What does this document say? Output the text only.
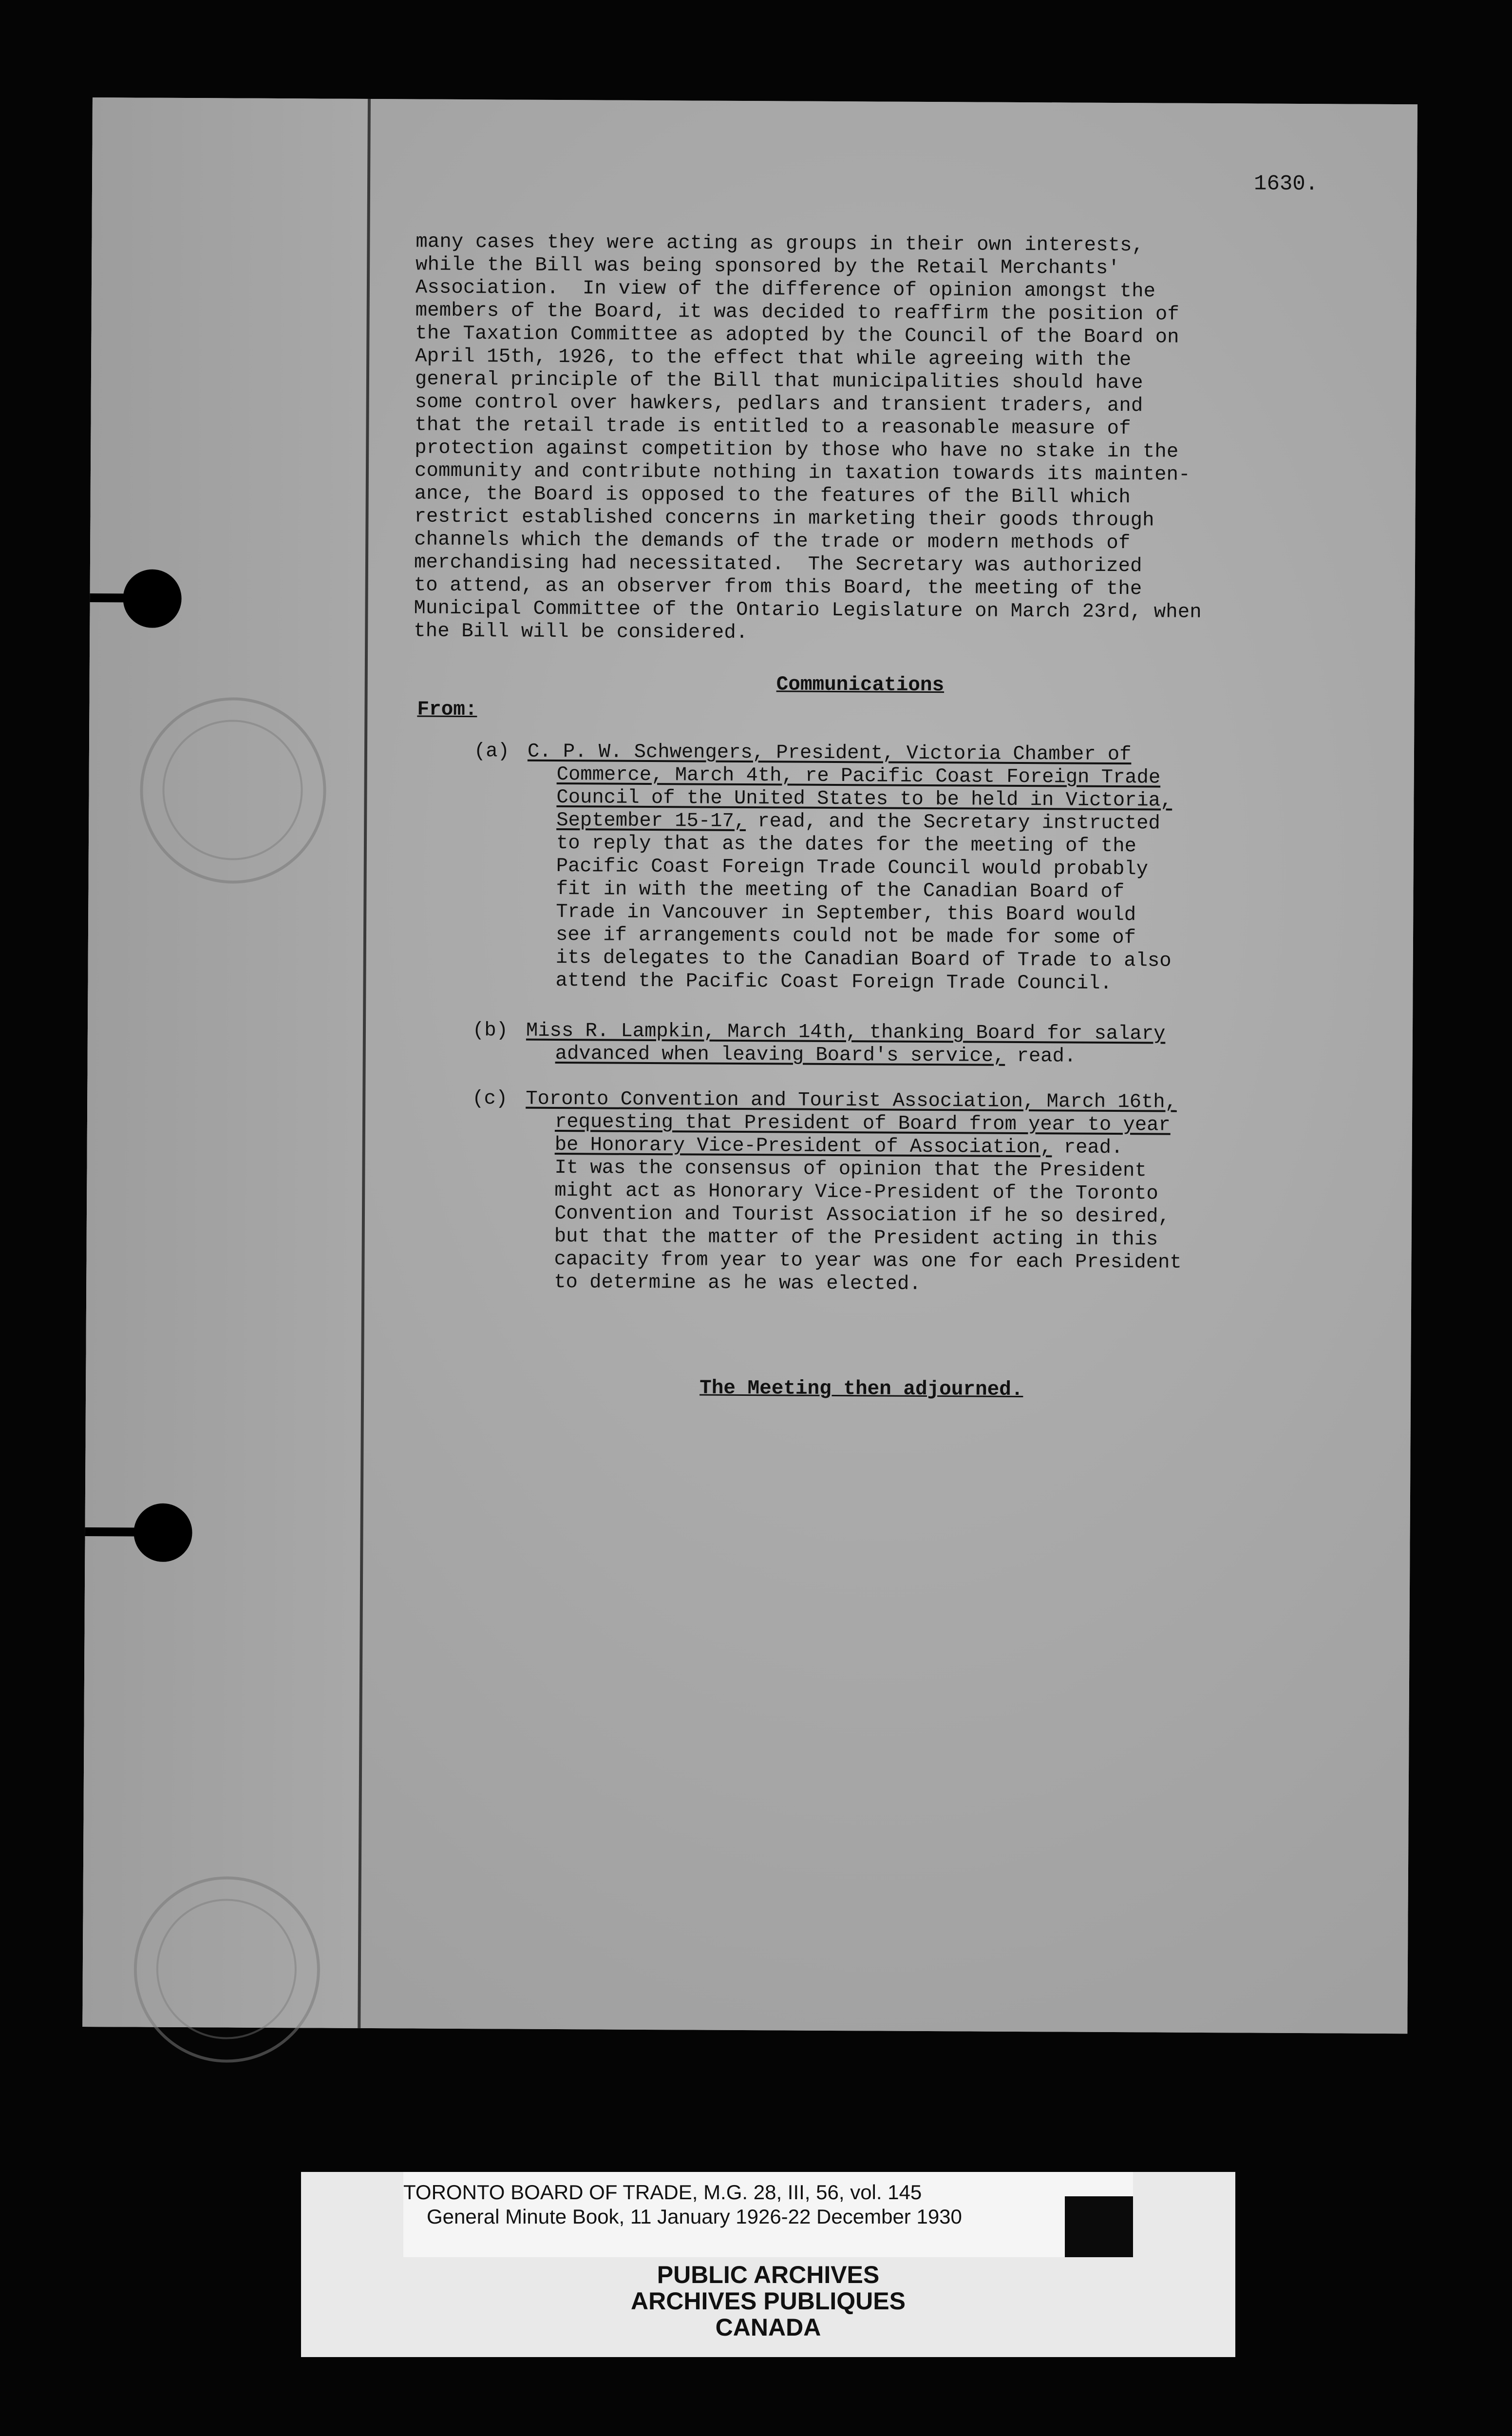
1630.
many cases they were acting as groups in their own interests,
while the Bill was being sponsored by the Retail Merchants'
Association.  In view of the difference of opinion amongst the
members of the Board, it was decided to reaffirm the position of
the Taxation Committee as adopted by the Council of the Board on
April 15th, 1926, to the effect that while agreeing with the
general principle of the Bill that municipalities should have
some control over hawkers, pedlars and transient traders, and
that the retail trade is entitled to a reasonable measure of
protection against competition by those who have no stake in the
community and contribute nothing in taxation towards its mainten-
ance, the Board is opposed to the features of the Bill which
restrict established concerns in marketing their goods through
channels which the demands of the trade or modern methods of
merchandising had necessitated.  The Secretary was authorized
to attend, as an observer from this Board, the meeting of the
Municipal Committee of the Ontario Legislature on March 23rd, when
the Bill will be considered.
Communications
From:
(a) C. P. W. Schwengers, President, Victoria Chamber of
Commerce, March 4th, re Pacific Coast Foreign Trade
Council of the United States to be held in Victoria,
September 15-17, read, and the Secretary instructed
to reply that as the dates for the meeting of the
Pacific Coast Foreign Trade Council would probably
fit in with the meeting of the Canadian Board of
Trade in Vancouver in September, this Board would
see if arrangements could not be made for some of
its delegates to the Canadian Board of Trade to also
attend the Pacific Coast Foreign Trade Council.
(b) Miss R. Lampkin, March 14th, thanking Board for salary
advanced when leaving Board's service, read.
(c) Toronto Convention and Tourist Association, March 16th,
requesting that President of Board from year to year
be Honorary Vice-President of Association, read.
It was the consensus of opinion that the President
might act as Honorary Vice-President of the Toronto
Convention and Tourist Association if he so desired,
but that the matter of the President acting in this
capacity from year to year was one for each President
to determine as he was elected.
The Meeting then adjourned.
TORONTO BOARD OF TRADE, M.G. 28, III, 56, vol. 145
General Minute Book, 11 January 1926-22 December 1930
PUBLIC ARCHIVES
ARCHIVES PUBLIQUES
CANADA
